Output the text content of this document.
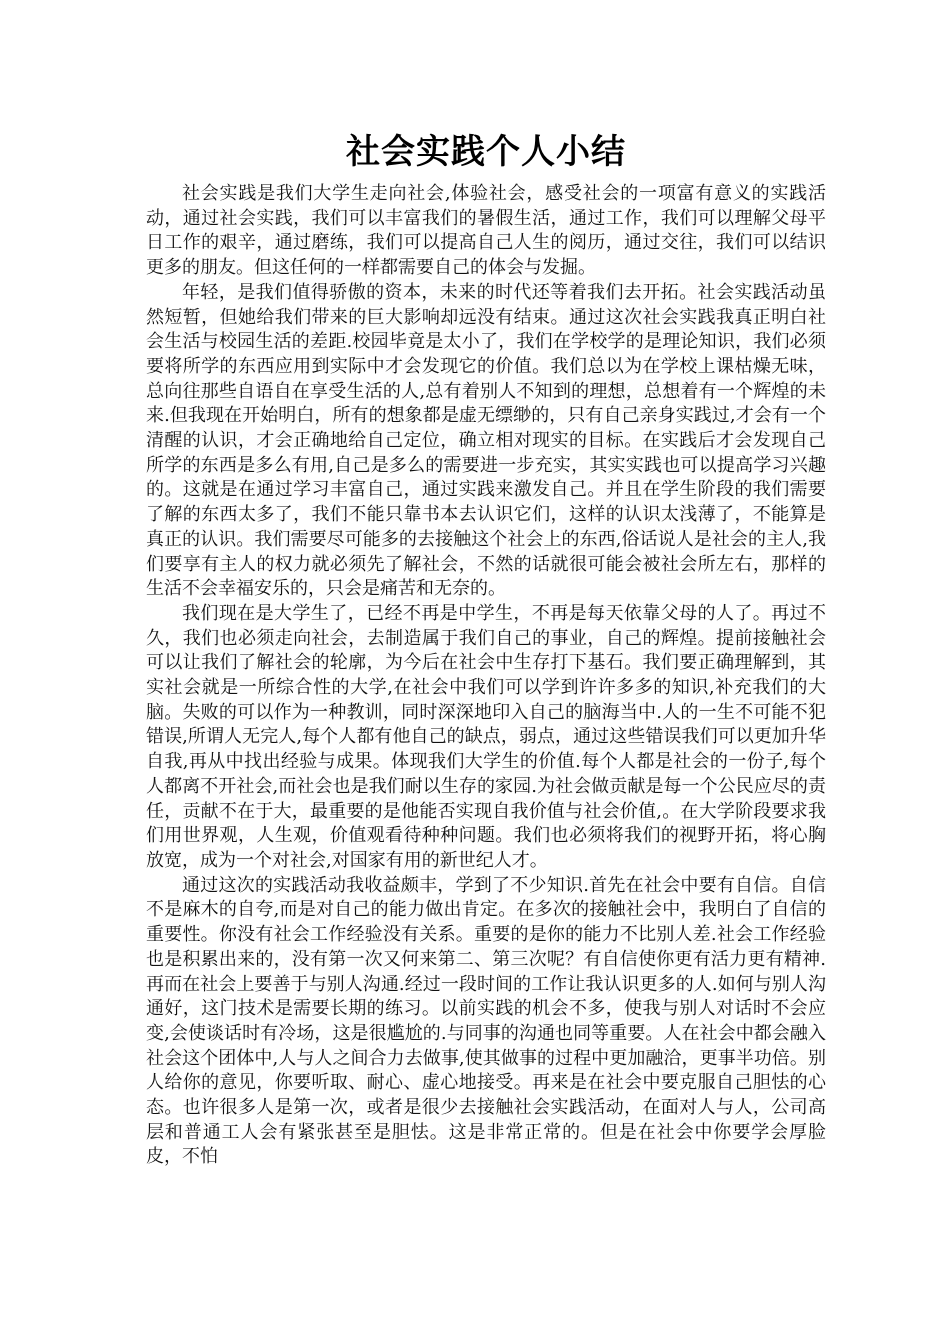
社会实践个人小结

社会实践是我们大学生走向社会,体验社会，感受社会的一项富有意义的实践活动，通过社会实践，我们可以丰富我们的暑假生活，通过工作，我们可以理解父母平日工作的艰辛，通过磨练，我们可以提高自己人生的阅历，通过交往，我们可以结识更多的朋友。但这任何的一样都需要自己的体会与发掘。

年轻，是我们值得骄傲的资本，未来的时代还等着我们去开拓。社会实践活动虽然短暂，但她给我们带来的巨大影响却远没有结束。通过这次社会实践我真正明白社会生活与校园生活的差距.校园毕竟是太小了，我们在学校学的是理论知识，我们必须要将所学的东西应用到实际中才会发现它的价值。我们总以为在学校上课枯燥无味，总向往那些自语自在享受生活的人,总有着别人不知到的理想，总想着有一个辉煌的未来.但我现在开始明白，所有的想象都是虚无缥缈的，只有自己亲身实践过,才会有一个清醒的认识，才会正确地给自己定位，确立相对现实的目标。在实践后才会发现自己所学的东西是多么有用,自己是多么的需要进一步充实，其实实践也可以提高学习兴趣的。这就是在通过学习丰富自己，通过实践来激发自己。并且在学生阶段的我们需要了解的东西太多了，我们不能只靠书本去认识它们，这样的认识太浅薄了，不能算是真正的认识。我们需要尽可能多的去接触这个社会上的东西,俗话说人是社会的主人,我们要享有主人的权力就必须先了解社会，不然的话就很可能会被社会所左右，那样的生活不会幸福安乐的，只会是痛苦和无奈的。

我们现在是大学生了，已经不再是中学生，不再是每天依靠父母的人了。再过不久，我们也必须走向社会，去制造属于我们自己的事业，自己的辉煌。提前接触社会可以让我们了解社会的轮廓，为今后在社会中生存打下基石。我们要正确理解到，其实社会就是一所综合性的大学,在社会中我们可以学到许许多多的知识,补充我们的大脑。失败的可以作为一种教训，同时深深地印入自己的脑海当中.人的一生不可能不犯错误,所谓人无完人,每个人都有他自己的缺点，弱点，通过这些错误我们可以更加升华自我,再从中找出经验与成果。体现我们大学生的价值.每个人都是社会的一份子,每个人都离不开社会,而社会也是我们耐以生存的家园.为社会做贡献是每一个公民应尽的责任，贡献不在于大，最重要的是他能否实现自我价值与社会价值,。在大学阶段要求我们用世界观，人生观，价值观看待种种问题。我们也必须将我们的视野开拓，将心胸放宽，成为一个对社会,对国家有用的新世纪人才。

通过这次的实践活动我收益颇丰，学到了不少知识.首先在社会中要有自信。自信不是麻木的自夸,而是对自己的能力做出肯定。在多次的接触社会中，我明白了自信的重要性。你没有社会工作经验没有关系。重要的是你的能力不比别人差.社会工作经验也是积累出来的，没有第一次又何来第二、第三次呢？有自信使你更有活力更有精神.再而在社会上要善于与别人沟通.经过一段时间的工作让我认识更多的人.如何与别人沟通好，这门技术是需要长期的练习。以前实践的机会不多，使我与别人对话时不会应变,会使谈话时有冷场，这是很尴尬的.与同事的沟通也同等重要。人在社会中都会融入社会这个团体中,人与人之间合力去做事,使其做事的过程中更加融洽，更事半功倍。别人给你的意见，你要听取、耐心、虚心地接受。再来是在社会中要克服自己胆怯的心态。也许很多人是第一次，或者是很少去接触社会实践活动，在面对人与人，公司高层和普通工人会有紧张甚至是胆怯。这是非常正常的。但是在社会中你要学会厚脸皮，不怕
